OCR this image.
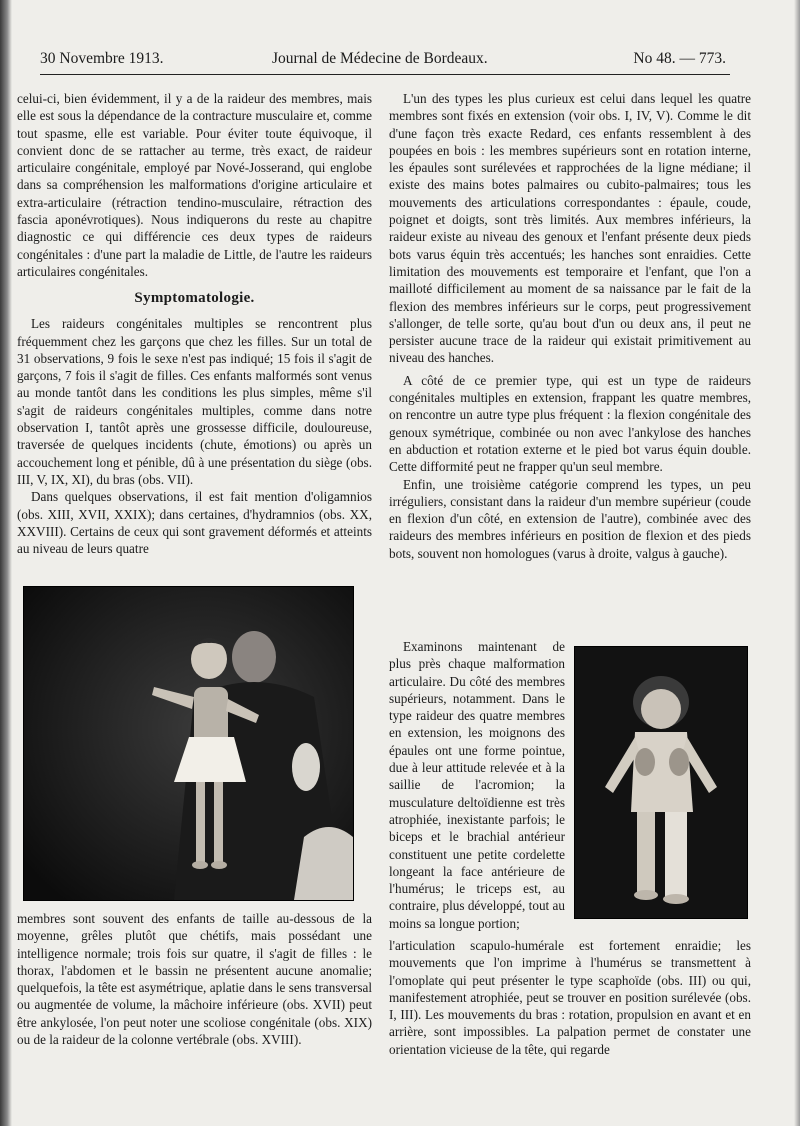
30 Novembre 1913.	Journal de Médecine de Bordeaux.	No 48. — 773.

celui-ci, bien évidemment, il y a de la raideur des membres, mais elle est sous la dépendance de la contracture musculaire et, comme tout spasme, elle est variable. Pour éviter toute équivoque, il convient donc de se rattacher au terme, très exact, de raideur articulaire congénitale, employé par Nové-Josserand, qui englobe dans sa compréhension les malformations d'origine articulaire et extra-articulaire (rétraction tendino-musculaire, rétraction des fascia aponévrotiques). Nous indiquerons du reste au chapitre diagnostic ce qui différencie ces deux types de raideurs congénitales : d'une part la maladie de Little, de l'autre les raideurs articulaires congénitales.

Symptomatologie.

Les raideurs congénitales multiples se rencontrent plus fréquemment chez les garçons que chez les filles. Sur un total de 31 observations, 9 fois le sexe n'est pas indiqué; 15 fois il s'agit de garçons, 7 fois il s'agit de filles. Ces enfants malformés sont venus au monde tantôt dans les conditions les plus simples, même s'il s'agit de raideurs congénitales multiples, comme dans notre observation I, tantôt après une grossesse difficile, douloureuse, traversée de quelques incidents (chute, émotions) ou après un accouchement long et pénible, dû à une présentation du siège (obs. III, V, IX, XI), du bras (obs. VII).

Dans quelques observations, il est fait mention d'oligamnios (obs. XIII, XVII, XXIX); dans certaines, d'hydramnios (obs. XX, XXVIII). Certains de ceux qui sont gravement déformés et atteints au niveau de leurs quatre

L'un des types les plus curieux est celui dans lequel les quatre membres sont fixés en extension (voir obs. I, IV, V). Comme le dit d'une façon très exacte Redard, ces enfants ressemblent à des poupées en bois : les membres supérieurs sont en rotation interne, les épaules sont surélevées et rapprochées de la ligne médiane; il existe des mains botes palmaires ou cubito-palmaires; tous les mouvements des articulations correspondantes : épaule, coude, poignet et doigts, sont très limités. Aux membres inférieurs, la raideur existe au niveau des genoux et l'enfant présente deux pieds bots varus équin très accentués; les hanches sont enraidies. Cette limitation des mouvements est temporaire et l'enfant, que l'on a mailloté difficilement au moment de sa naissance par le fait de la flexion des membres inférieurs sur le corps, peut progressivement s'allonger, de telle sorte, qu'au bout d'un ou deux ans, il peut ne persister aucune trace de la raideur qui existait primitivement au niveau des hanches.

A côté de ce premier type, qui est un type de raideurs congénitales multiples en extension, frappant les quatre membres, on rencontre un autre type plus fréquent : la flexion congénitale des genoux symétrique, combinée ou non avec l'ankylose des hanches en abduction et rotation externe et le pied bot varus équin double. Cette difformité peut ne frapper qu'un seul membre.

Enfin, une troisième catégorie comprend les types, un peu irréguliers, consistant dans la raideur d'un membre supérieur (coude en flexion d'un côté, en extension de l'autre), combinée avec des raideurs des membres inférieurs en position de flexion et des pieds bots, souvent non homologues (varus à droite, valgus à gauche).

Examinons maintenant de plus près chaque malformation articulaire. Du côté des membres supérieurs, notamment. Dans le type raideur des quatre membres en extension, les moignons des épaules ont une forme pointue, due à leur attitude relevée et à la saillie de l'acromion; la musculature deltoïdienne est très atrophiée, inexistante parfois; le biceps et le brachial antérieur constituent une petite cordelette longeant la face antérieure de l'humérus; le triceps est, au contraire, plus développé, tout au moins sa longue portion;

membres sont souvent des enfants de taille au-dessous de la moyenne, grêles plutôt que chétifs, mais possédant une intelligence normale; trois fois sur quatre, il s'agit de filles : le thorax, l'abdomen et le bassin ne présentent aucune anomalie; quelquefois, la tête est asymétrique, aplatie dans le sens transversal ou augmentée de volume, la mâchoire inférieure (obs. XVII) peut être ankylosée, l'on peut noter une scoliose congénitale (obs. XIX) ou de la raideur de la colonne vertébrale (obs. XVIII).

l'articulation scapulo-humérale est fortement enraidie; les mouvements que l'on imprime à l'humérus se transmettent à l'omoplate qui peut présenter le type scaphoïde (obs. III) ou qui, manifestement atrophiée, peut se trouver en position surélevée (obs. I, III). Les mouvements du bras : rotation, propulsion en avant et en arrière, sont impossibles. La palpation permet de constater une orientation vicieuse de la tête, qui regarde
